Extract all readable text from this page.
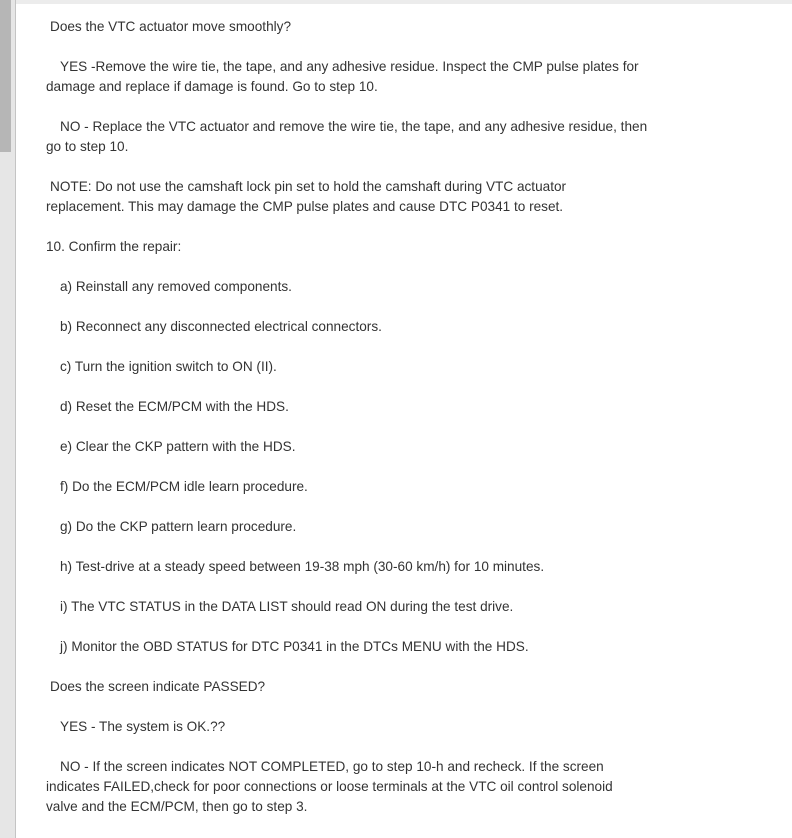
Does the VTC actuator move smoothly?
YES -Remove the wire tie, the tape, and any adhesive residue. Inspect the CMP pulse plates for
damage and replace if damage is found. Go to step 10.
NO - Replace the VTC actuator and remove the wire tie, the tape, and any adhesive residue, then
go to step 10.
NOTE: Do not use the camshaft lock pin set to hold the camshaft during VTC actuator
replacement. This may damage the CMP pulse plates and cause DTC P0341 to reset.
10. Confirm the repair:
a) Reinstall any removed components.
b) Reconnect any disconnected electrical connectors.
c) Turn the ignition switch to ON (II).
d) Reset the ECM/PCM with the HDS.
e) Clear the CKP pattern with the HDS.
f) Do the ECM/PCM idle learn procedure.
g) Do the CKP pattern learn procedure.
h) Test-drive at a steady speed between 19-38 mph (30-60 km/h) for 10 minutes.
i) The VTC STATUS in the DATA LIST should read ON during the test drive.
j) Monitor the OBD STATUS for DTC P0341 in the DTCs MENU with the HDS.
Does the screen indicate PASSED?
YES - The system is OK.??
NO - If the screen indicates NOT COMPLETED, go to step 10-h and recheck. If the screen
indicates FAILED,check for poor connections or loose terminals at the VTC oil control solenoid
valve and the ECM/PCM, then go to step 3.
